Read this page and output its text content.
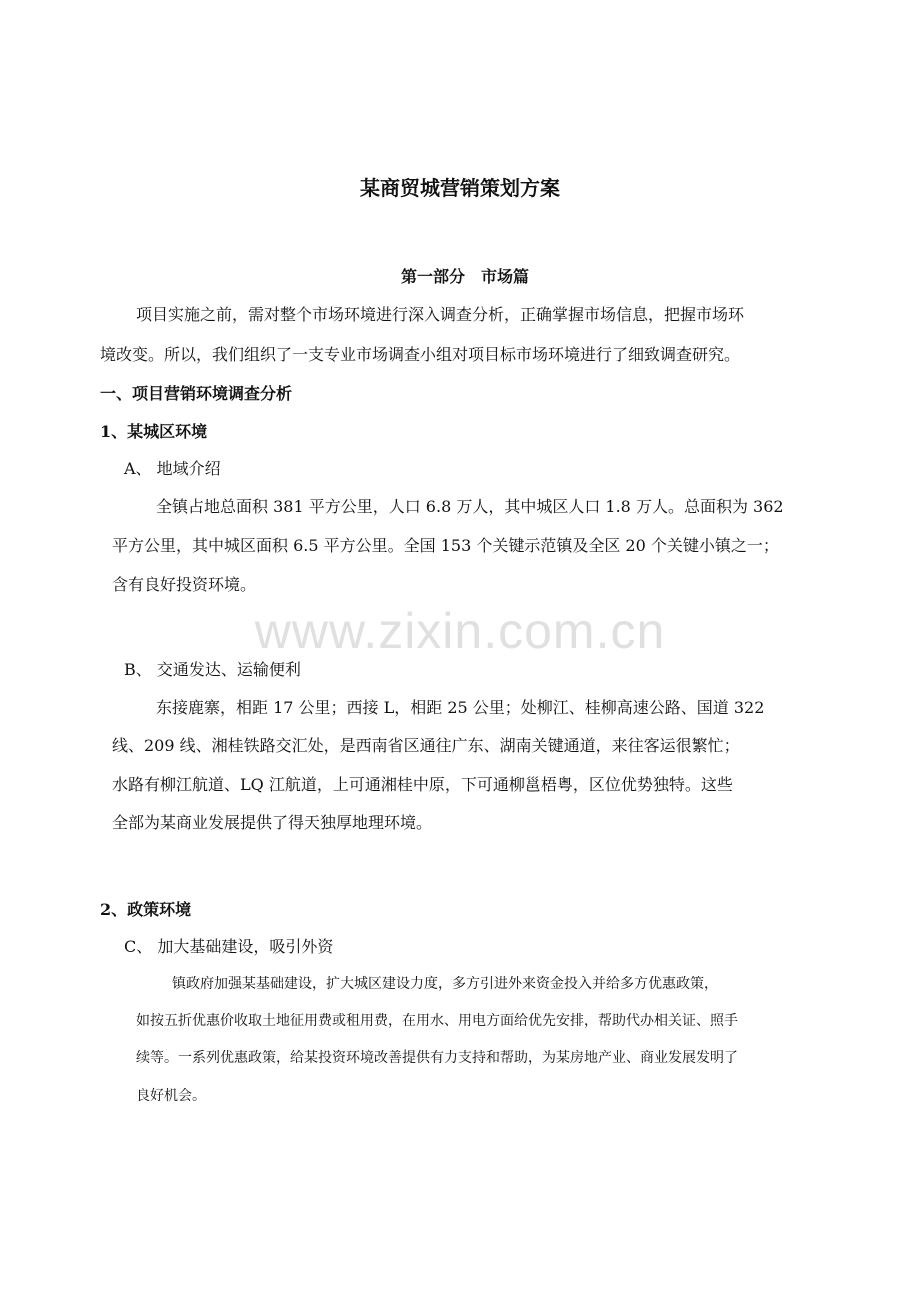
某商贸城营销策划方案
第一部分　市场篇
项目实施之前，需对整个市场环境进行深入调查分析，正确掌握市场信息，把握市场环
境改变。所以，我们组织了一支专业市场调查小组对项目标市场环境进行了细致调查研究。
一、项目营销环境调查分析
1、某城区环境
A、 地域介绍
全镇占地总面积 381 平方公里，人口 6.8 万人，其中城区人口 1.8 万人。总面积为 362
平方公里，其中城区面积 6.5 平方公里。全国 153 个关键示范镇及全区 20 个关键小镇之一；
含有良好投资环境。
www.zixin.com.cn
B、 交通发达、运输便利
东接鹿寨，相距 17 公里；西接 L，相距 25 公里；处柳江、桂柳高速公路、国道 322
线、209 线、湘桂铁路交汇处，是西南省区通往广东、湖南关键通道，来往客运很繁忙；
水路有柳江航道、LQ 江航道，上可通湘桂中原，下可通柳邕梧粤，区位优势独特。这些
全部为某商业发展提供了得天独厚地理环境。
2、政策环境
C、 加大基础建设，吸引外资
镇政府加强某基础建设，扩大城区建设力度，多方引进外来资金投入并给多方优惠政策，
如按五折优惠价收取土地征用费或租用费，在用水、用电方面给优先安排，帮助代办相关证、照手
续等。一系列优惠政策，给某投资环境改善提供有力支持和帮助，为某房地产业、商业发展发明了
良好机会。
